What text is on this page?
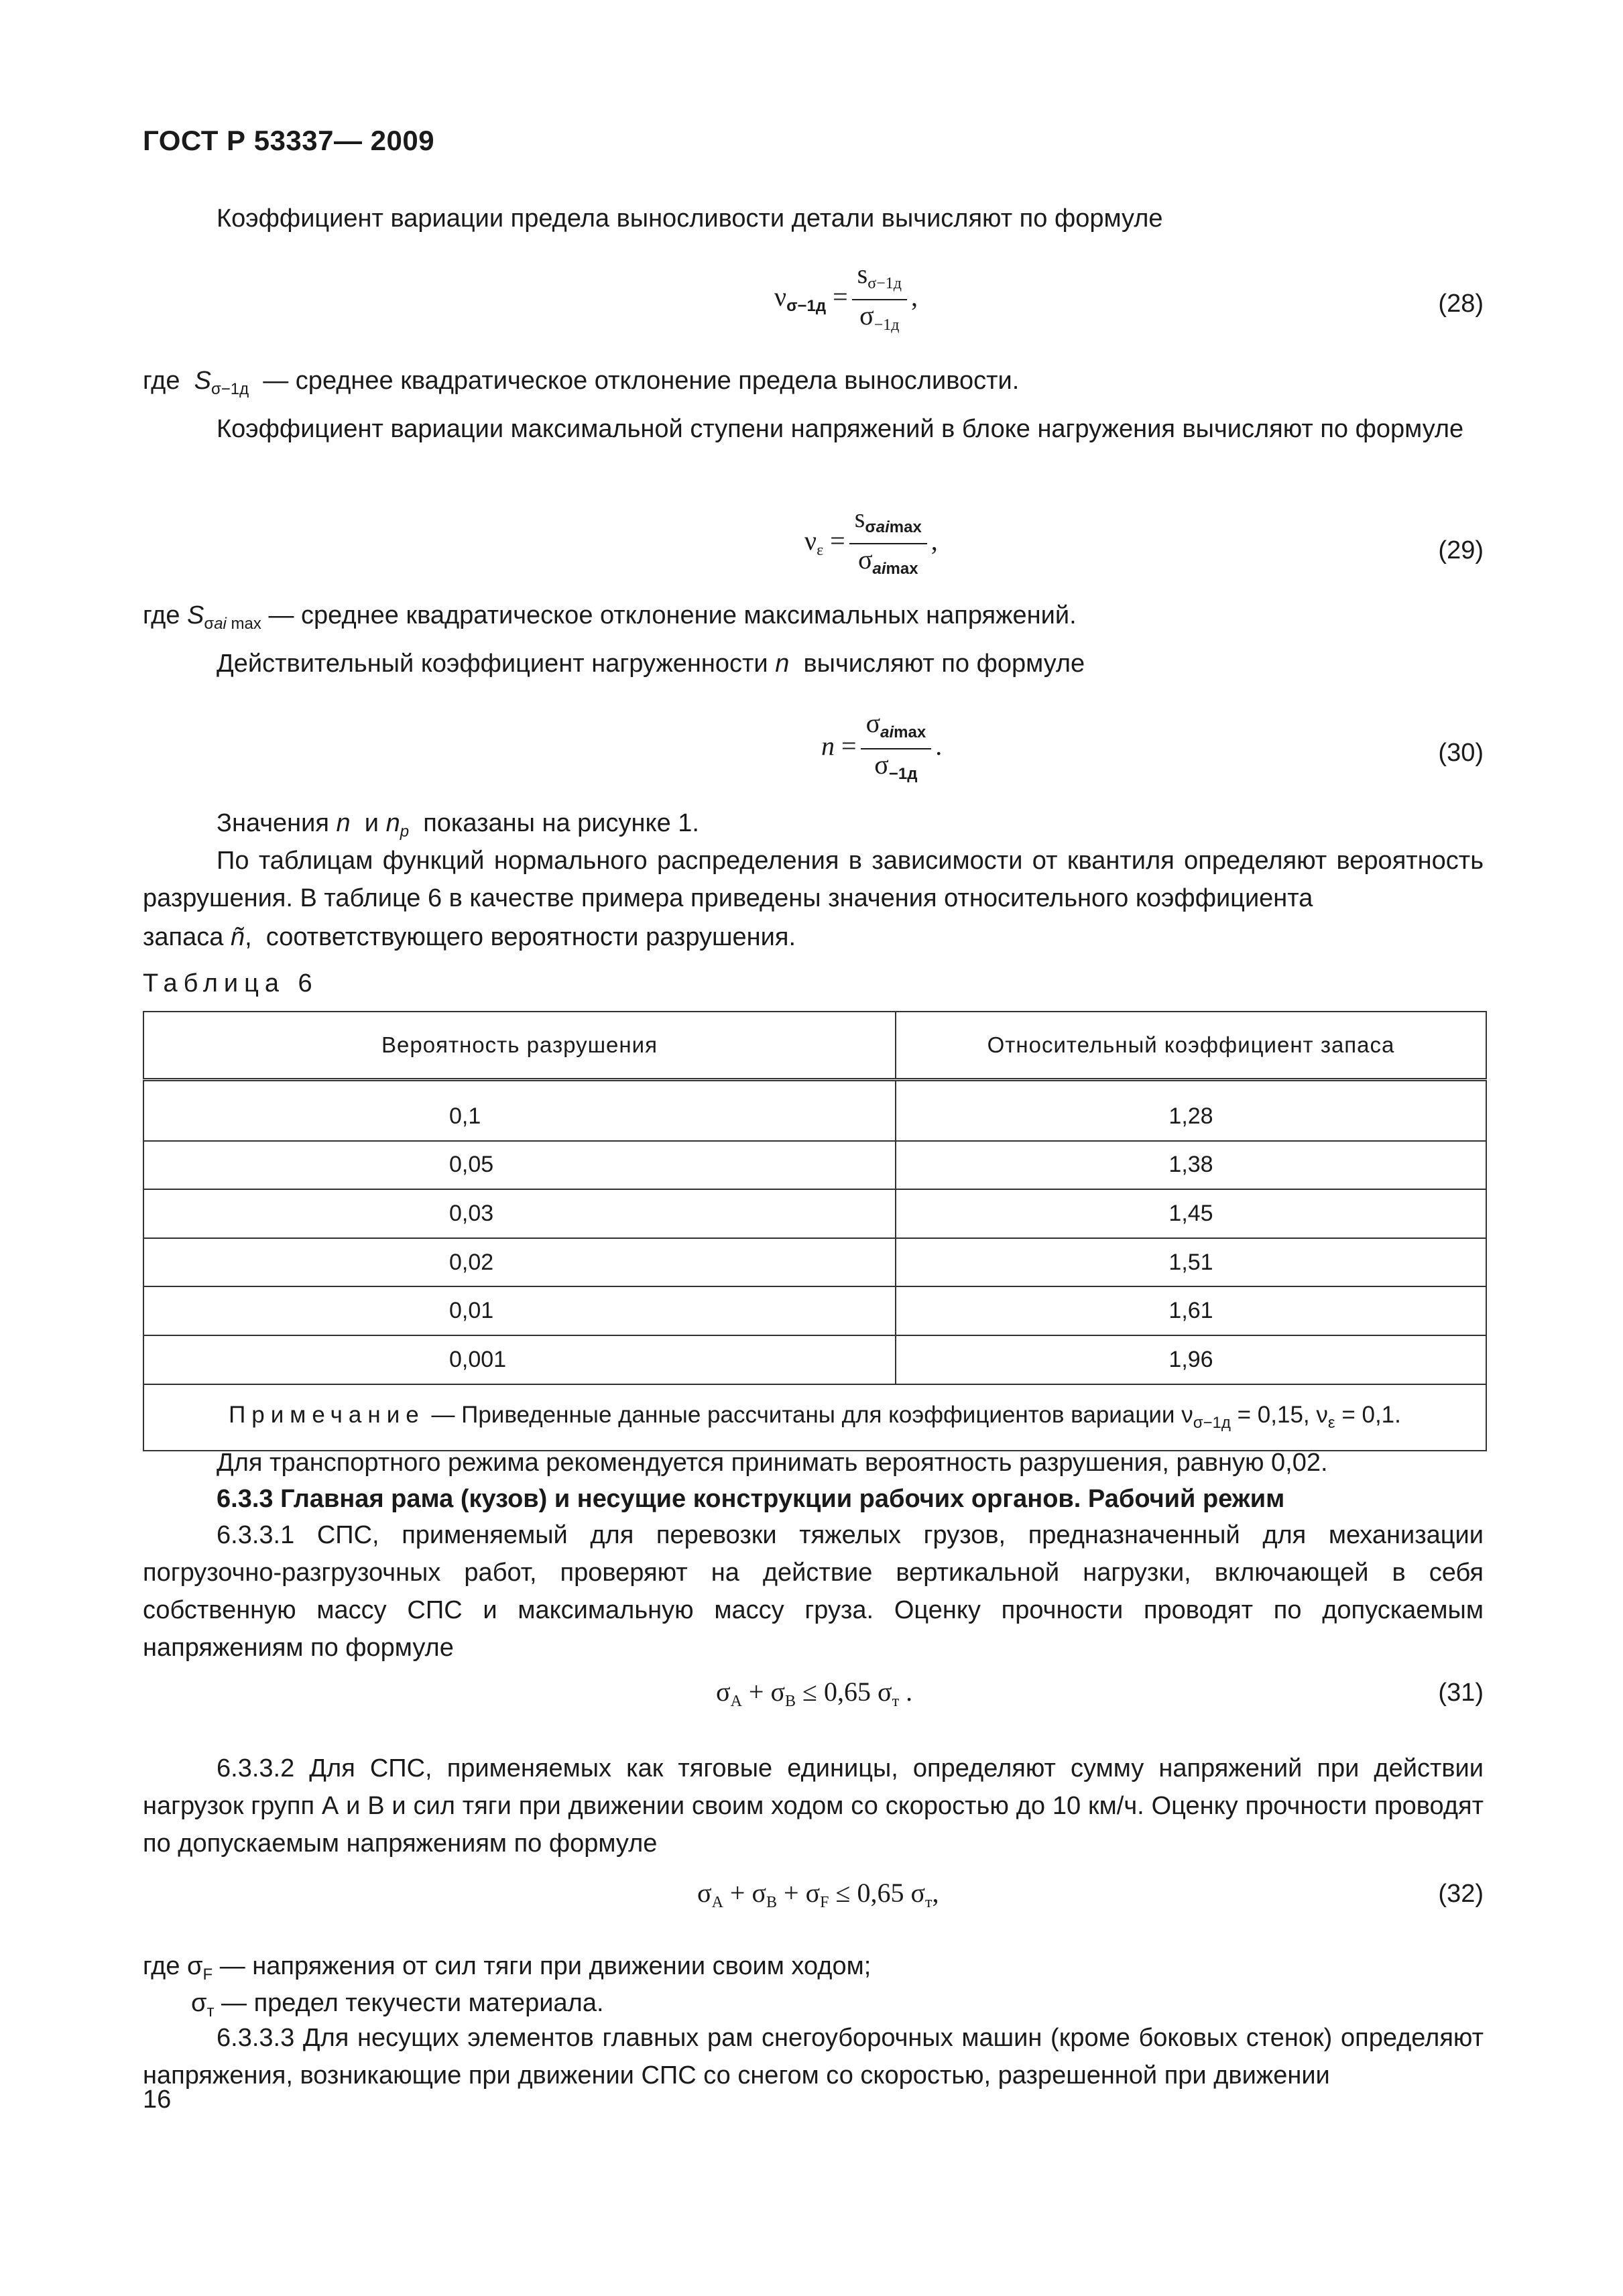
ГОСТ Р 53337— 2009
Коэффициент вариации предела выносливости детали вычисляют по формуле
$\nu_{\sigma-1д} = \frac{s_{\sigma-1д}}{\sigma_{-1д}}$ ,	(28)
где  $S_{\sigma-1д}$ — среднее квадратическое отклонение предела выносливости.
Коэффициент вариации максимальной ступени напряжений в блоке нагружения вычисляют по формуле
$\nu_\varepsilon = \frac{s_{\sigma aimax}}{\sigma_{aimax}}$ ,	(29)
где $S_{\sigma ai max}$ — среднее квадратическое отклонение максимальных напряжений.
Действительный коэффициент нагруженности n вычисляют по формуле
$n = \frac{\sigma_{aimax}}{\sigma_{-1д}}$ .	(30)
Значения n  и $n_p$ показаны на рисунке 1.
По таблицам функций нормального распределения в зависимости от квантиля определяют вероятность разрушения. В таблице 6 в качестве примера приведены значения относительного коэффициента
запаса ñ,  соответствующего вероятности разрушения.
Таблица 6
Вероятность разрушения	Относительный коэффициент запаса
0,1	1,28
0,05	1,38
0,03	1,45
0,02	1,51
0,01	1,61
0,001	1,96
Примечание — Приведенные данные рассчитаны для коэффициентов вариации $\nu_{\sigma-1д} = 0,15$, $\nu_\varepsilon = 0,1$.	
Для транспортного режима рекомендуется принимать вероятность разрушения, равную 0,02.
6.3.3 Главная рама (кузов) и несущие конструкции рабочих органов. Рабочий режим
6.3.3.1 СПС, применяемый для перевозки тяжелых грузов, предназначенный для механизации погрузочно-разгрузочных работ, проверяют на действие вертикальной нагрузки, включающей в себя собственную массу СПС и максимальную массу груза. Оценку прочности проводят по допускаемым напряжениям по формуле
$\sigma_A + \sigma_B \le 0,65$ $\sigma_т$ .	(31)
6.3.3.2 Для СПС, применяемых как тяговые единицы, определяют сумму напряжений при действии нагрузок групп А и В и сил тяги при движении своим ходом со скоростью до 10 км/ч. Оценку прочности проводят по допускаемым напряжениям по формуле
$\sigma_A + \sigma_B + \sigma_F \le 0,65$ $\sigma_т$,	(32)
где $\sigma_F$ — напряжения от сил тяги при движении своим ходом;
$\sigma_т$ — предел текучести материала.
6.3.3.3 Для несущих элементов главных рам снегоуборочных машин (кроме боковых стенок) определяют напряжения, возникающие при движении СПС со снегом со скоростью, разрешенной при движении
16
